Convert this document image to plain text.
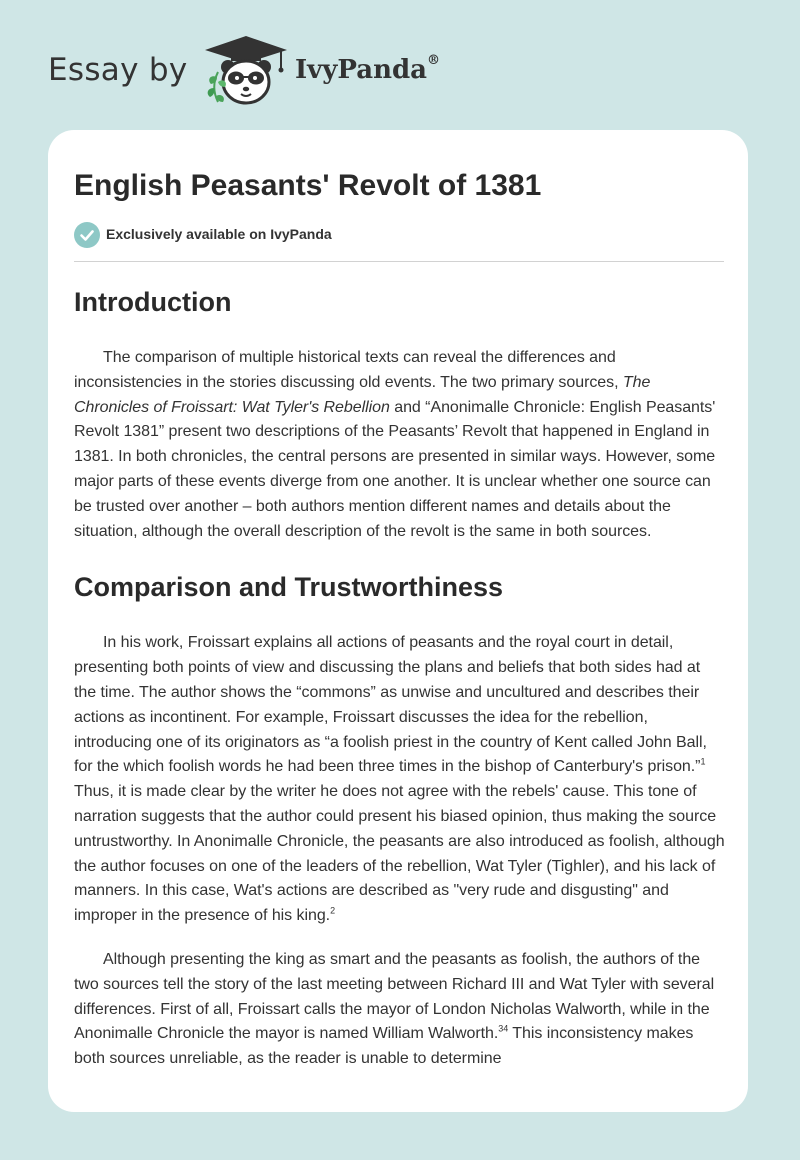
Essay by	IvyPanda®
English Peasants' Revolt of 1381
Exclusively available on IvyPanda
Introduction

The comparison of multiple historical texts can reveal the differences and inconsistencies in the stories discussing old events. The two primary sources, The Chronicles of Froissart: Wat Tyler's Rebellion and “Anonimalle Chronicle: English Peasants' Revolt 1381” present two descriptions of the Peasants’ Revolt that happened in England in 1381. In both chronicles, the central persons are presented in similar ways. However, some major parts of these events diverge from one another. It is unclear whether one source can be trusted over another – both authors mention different names and details about the situation, although the overall description of the revolt is the same in both sources.

Comparison and Trustworthiness

In his work, Froissart explains all actions of peasants and the royal court in detail, presenting both points of view and discussing the plans and beliefs that both sides had at the time. The author shows the “commons” as unwise and uncultured and describes their actions as incontinent. For example, Froissart discusses the idea for the rebellion, introducing one of its originators as “a foolish priest in the country of Kent called John Ball, for the which foolish words he had been three times in the bishop of Canterbury's prison.”$^1$ Thus, it is made clear by the writer he does not agree with the rebels' cause. This tone of narration suggests that the author could present his biased opinion, thus making the source untrustworthy. In Anonimalle Chronicle, the peasants are also introduced as foolish, although the author focuses on one of the leaders of the rebellion, Wat Tyler (Tighler), and his lack of manners. In this case, Wat's actions are described as "very rude and disgusting" and improper in the presence of his king.$^2$

Although presenting the king as smart and the peasants as foolish, the authors of the two sources tell the story of the last meeting between Richard III and Wat Tyler with several differences. First of all, Froissart calls the mayor of London Nicholas Walworth, while in the Anonimalle Chronicle the mayor is named William Walworth.$^{34}$ This inconsistency makes both sources unreliable, as the reader is unable to determine
